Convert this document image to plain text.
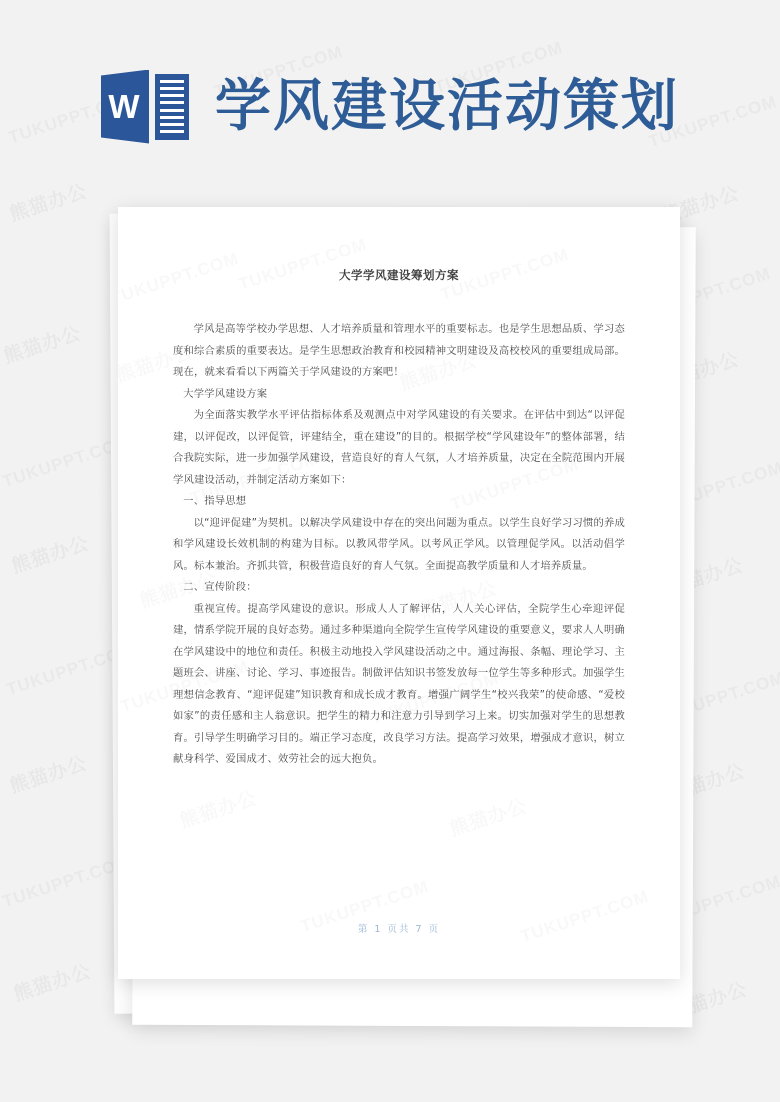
W 学风建设活动策划
大学学风建设筹划方案

学风是高等学校办学思想、人才培养质量和管理水平的重要标志。也是学生思想品质、学习态度和综合素质的重要表达。是学生思想政治教育和校园精神文明建设及高校校风的重要组成局部。现在，就来看看以下两篇关于学风建设的方案吧！

大学学风建设方案

为全面落实教学水平评估指标体系及观测点中对学风建设的有关要求。在评估中到达“以评促建，以评促改，以评促管，评建结全，重在建设”的目的。根据学校“学风建设年”的整体部署，结合我院实际，进一步加强学风建设，营造良好的育人气氛，人才培养质量，决定在全院范围内开展学风建设活动，并制定活动方案如下：

一、指导思想

以“迎评促建”为契机。以解决学风建设中存在的突出问题为重点。以学生良好学习习惯的养成和学风建设长效机制的构建为目标。以教风带学风。以考风正学风。以管理促学风。以活动倡学风。标本兼治。齐抓共管，积极营造良好的育人气氛。全面提高教学质量和人才培养质量。

二、宣传阶段：

重视宣传。提高学风建设的意识。形成人人了解评估，人人关心评估，全院学生心牵迎评促建，情系学院开展的良好态势。通过多种渠道向全院学生宣传学风建设的重要意义，要求人人明确在学风建设中的地位和责任。积极主动地投入学风建设活动之中。通过海报、条幅、理论学习、主题班会、讲座、讨论、学习、事迹报告。制做评估知识书签发放每一位学生等多种形式。加强学生理想信念教育、“迎评促建”知识教育和成长成才教育。增强广阔学生“校兴我荣”的使命感、“爱校如家”的责任感和主人翁意识。把学生的精力和注意力引导到学习上来。切实加强对学生的思想教育。引导学生明确学习目的。端正学习态度，改良学习方法。提高学习效果，增强成才意识，树立献身科学、爱国成才、效劳社会的远大抱负。

第 1 页共 7 页
